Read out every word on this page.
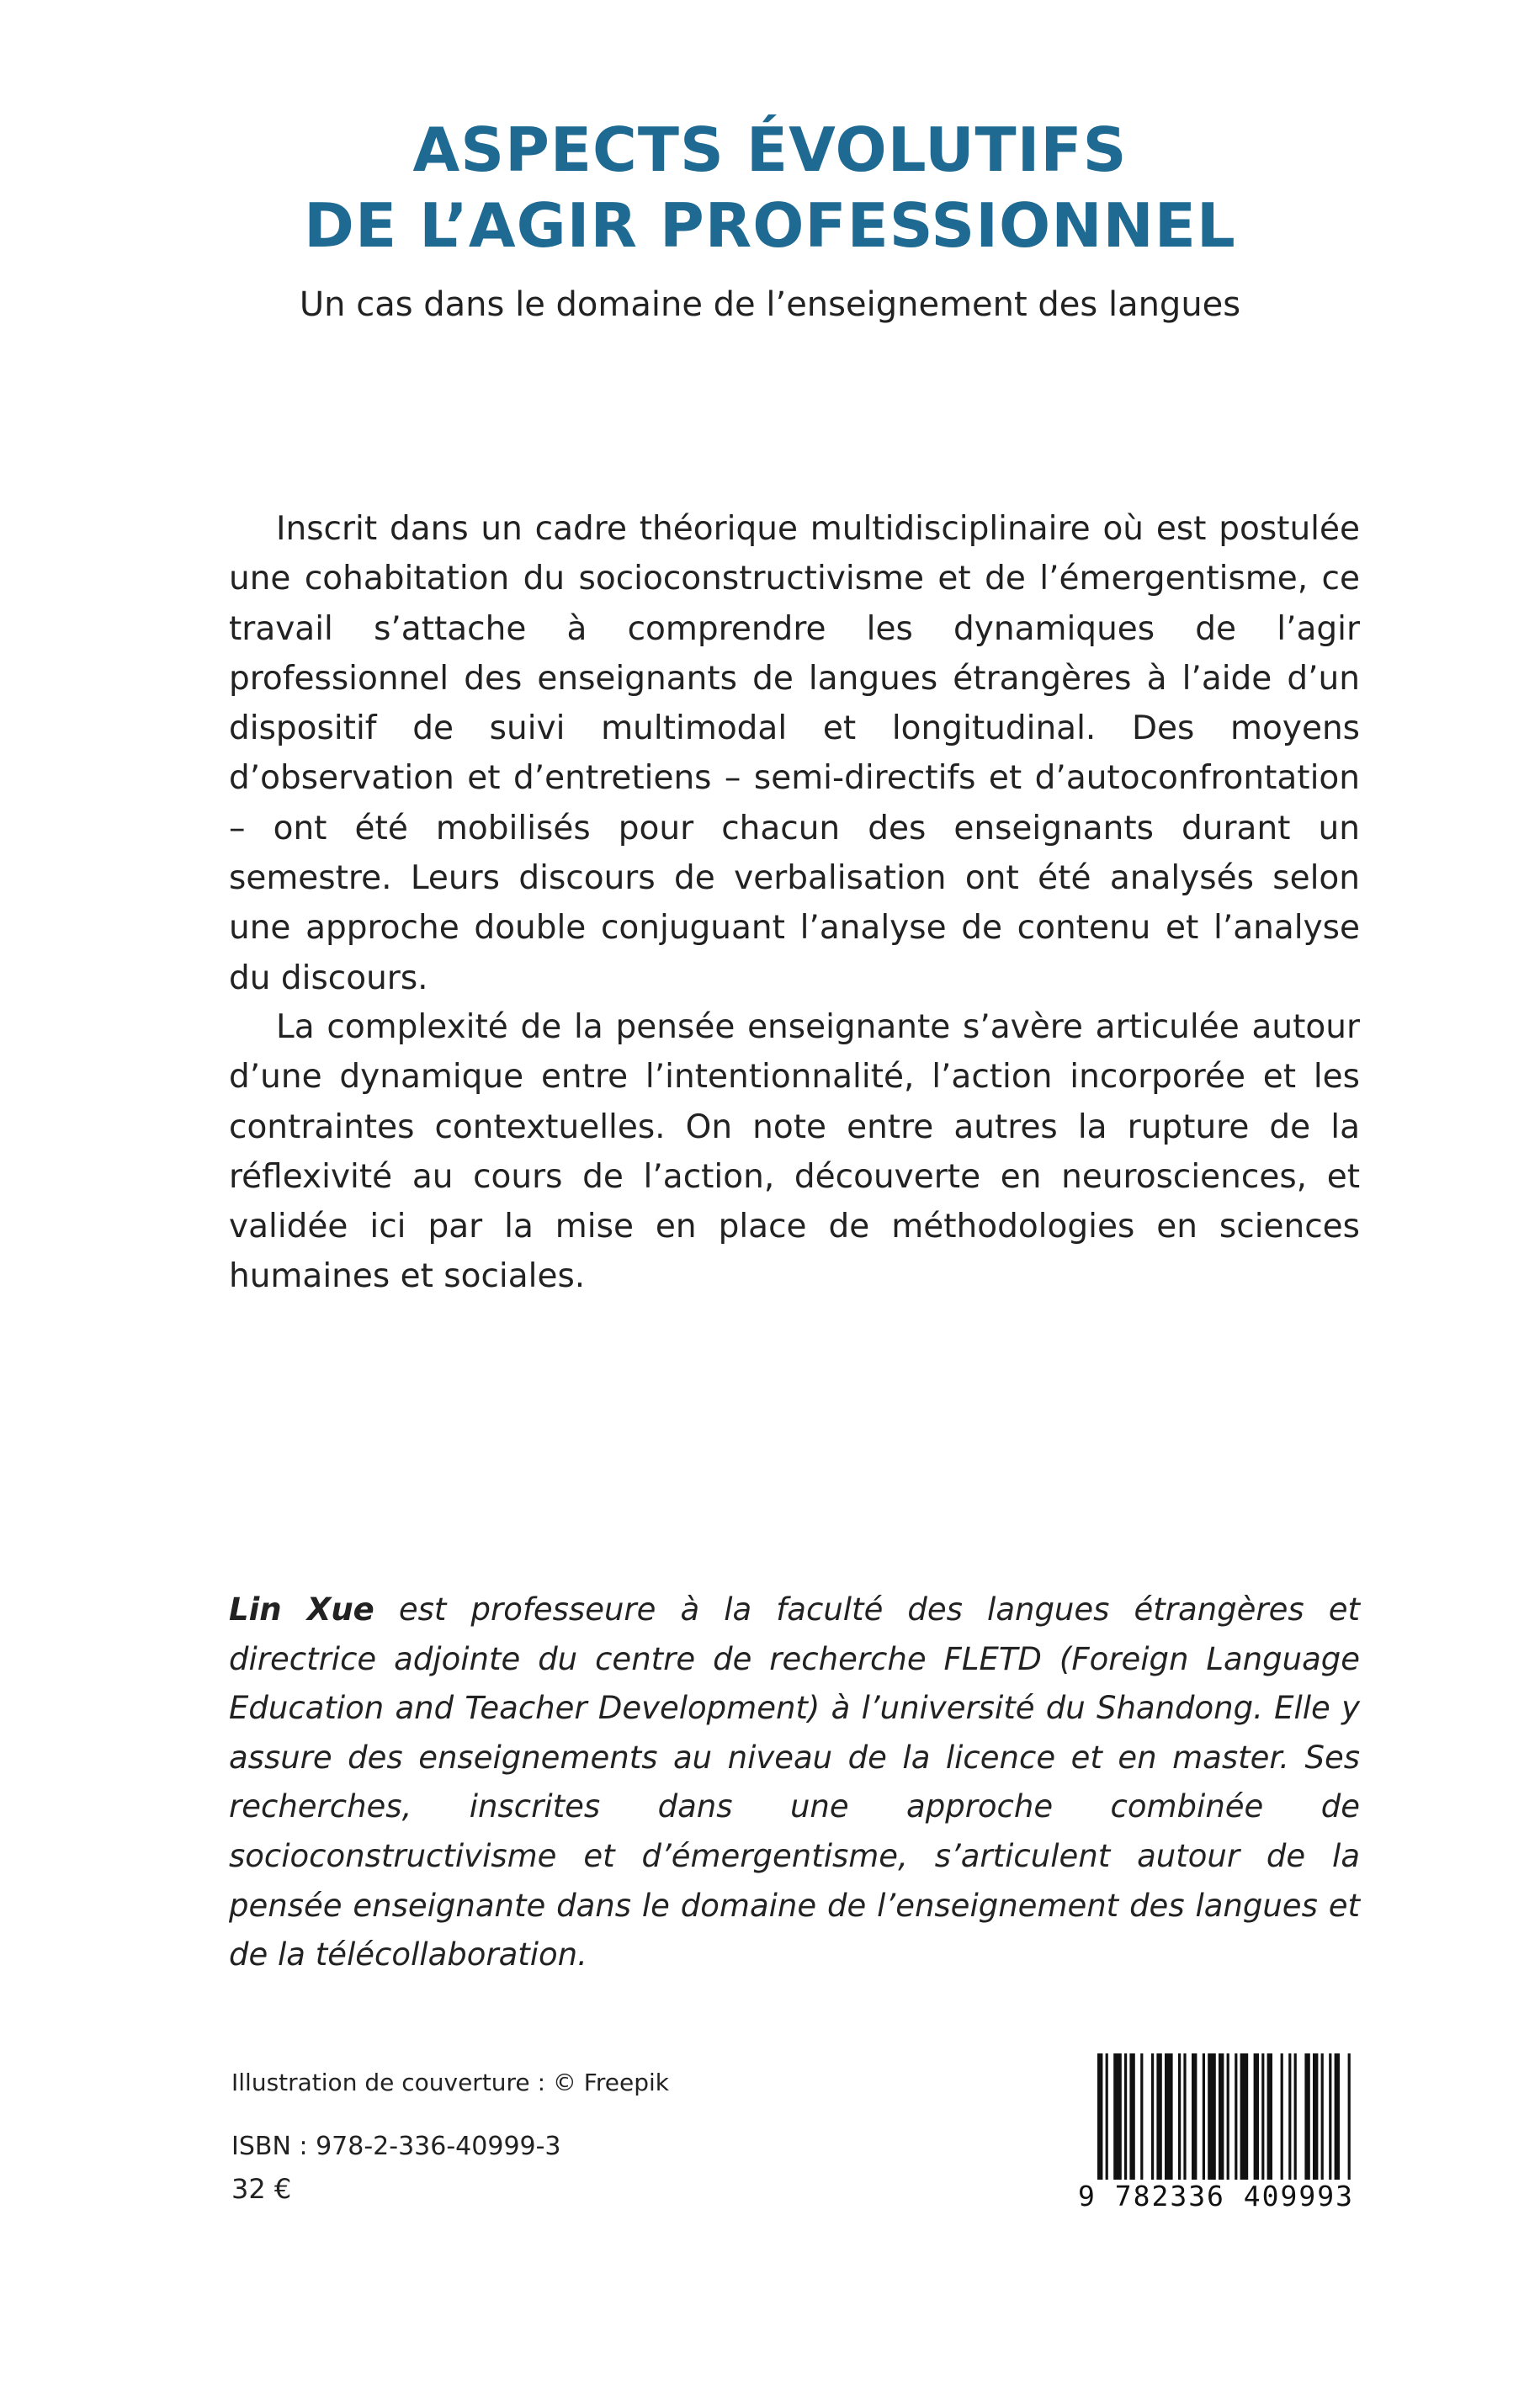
ASPECTS ÉVOLUTIFS
DE L’AGIR PROFESSIONNEL
Un cas dans le domaine de l’enseignement des langues

Inscrit dans un cadre théorique multidisciplinaire où est postulée une cohabitation du socioconstructivisme et de l’émergentisme, ce travail s’attache à comprendre les dynamiques de l’agir professionnel des enseignants de langues étrangères à l’aide d’un dispositif de suivi multimodal et longitudinal. Des moyens d’observation et d’entretiens – semi-directifs et d’autoconfrontation – ont été mobilisés pour chacun des enseignants durant un semestre. Leurs discours de verbalisation ont été analysés selon une approche double conjuguant l’analyse de contenu et l’analyse du discours.

La complexité de la pensée enseignante s’avère articulée autour d’une dynamique entre l’intentionnalité, l’action incorporée et les contraintes contextuelles. On note entre autres la rupture de la réflexivité au cours de l’action, découverte en neurosciences, et validée ici par la mise en place de méthodologies en sciences humaines et sociales.

Lin Xue est professeure à la faculté des langues étrangères et directrice adjointe du centre de recherche FLETD (Foreign Language Education and Teacher Development) à l’université du Shandong. Elle y assure des enseignements au niveau de la licence et en master. Ses recherches, inscrites dans une approche combinée de socioconstructivisme et d’émergentisme, s’articulent autour de la pensée enseignante dans le domaine de l’enseignement des langues et de la télécollaboration.

Illustration de couverture : © Freepik
ISBN : 978-2-336-40999-3
32 €	9 782336 409993
